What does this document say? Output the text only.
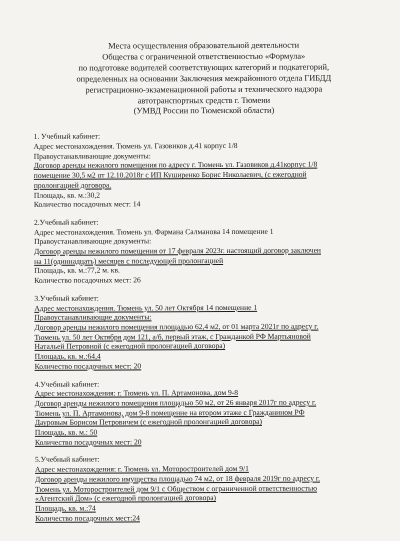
Места осуществления образовательной деятельности
Общества с ограниченной ответственностью «Формула»
по подготовке водителей соответствующих категорий и подкатегорий,
определенных на основании Заключения межрайонного отдела ГИБДД
регистрационно-экзаменационной работы и технического надзора
автотранспортных средств г. Тюмени
(УМВД России по Тюменской области)
1. Учебный кабинет:
Адрес местонахождения. Тюмень ул. Газовиков д.41 корпус 1/8
Правоустанавливающие документы:
Договор аренды нежилого помещения по адресу г. Тюмень ул. Газовиков д.41корпус 1/8
помещение 30,5 м2 от 12.10.2018г с ИП Куширенко Борис Николаевич, (с ежегодной
пролонгацией договора.
Площадь, кв. м.:30,2
Количество посадочных мест: 14
2.Учебный кабинет:
Адрес местонахождения. Тюмень ул. Фармана Салманова 14 помещение 1
Правоустанавливающие документы:
Договор аренды нежилого помещения от 17 февраля 2023г. настоящий договор заключен
на 11(одиннадцать) месяцев с последующей пролонгацией
Площадь, кв. м.:77,2 м. кв.
Количество посадочных мест: 26
3.Учебный кабинет:
Адрес местонахождения. Тюмень ул. 50 лет Октября 14 помещение 1
Правоустанавливающие документы:
Договор аренды нежилого помещения площадью 62,4 м2, от 01 марта 2021г по адресу г.
Тюмень ул. 50 лет Октября дом 121, а/б, первый этаж, с Гражданкой РФ Мартьяновой
Натальей Петровной (с ежегодной пролонгацией договора)
Площадь, кв. м.:64,4
Количество посадочных мест: 20
4.Учебный кабинет:
Адрес местонахождения: г. Тюмень ул. П. Артамонова, дом 9-8
Договор аренды нежилого помещения площадью 50 м2, от 26 января 2017г по адресу г.
Тюмень ул. П. Артамонова, дом 9-8 помещение на втором этаже с Гражданином РФ
Дауровым Борисом Петровичем (с ежегодной пролонгацией договора)
Площадь, кв. м.: 50
Количество посадочных мест: 20
5.Учебный кабинет:
Адрес местонахождения: г. Тюмень ул. Моторостроителей дом 9/1
Договор аренды нежилого имущества площадью 74 м2, от 18 февраля 2019г по адресу г.
Тюмень ул. Моторостроителей дом 9/1 с Обществом с ограниченной ответственностью
«Агентский Дом» (с ежегодной пролонгацией договора)
Площадь, кв. м.:74
Количество посадочных мест:24
